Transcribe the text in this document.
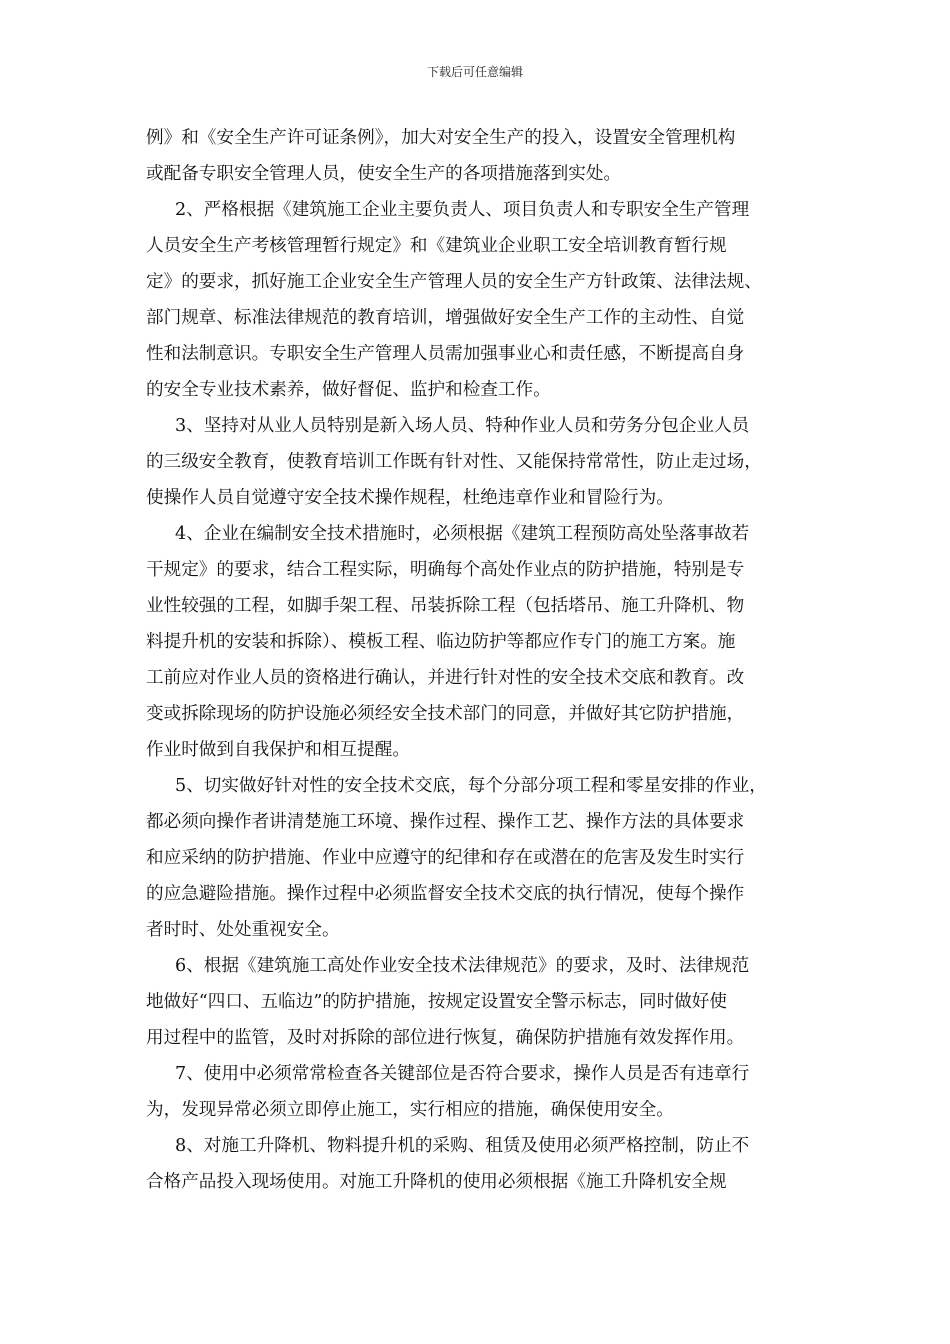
下载后可任意编辑
例》和《安全生产许可证条例》，加大对安全生产的投入，设置安全管理机构
或配备专职安全管理人员，使安全生产的各项措施落到实处。
2、严格根据《建筑施工企业主要负责人、项目负责人和专职安全生产管理
人员安全生产考核管理暂行规定》和《建筑业企业职工安全培训教育暂行规
定》的要求，抓好施工企业安全生产管理人员的安全生产方针政策、法律法规、
部门规章、标准法律规范的教育培训，增强做好安全生产工作的主动性、自觉
性和法制意识。专职安全生产管理人员需加强事业心和责任感，不断提高自身
的安全专业技术素养，做好督促、监护和检查工作。
3、坚持对从业人员特别是新入场人员、特种作业人员和劳务分包企业人员
的三级安全教育，使教育培训工作既有针对性、又能保持常常性，防止走过场，
使操作人员自觉遵守安全技术操作规程，杜绝违章作业和冒险行为。
4、企业在编制安全技术措施时，必须根据《建筑工程预防高处坠落事故若
干规定》的要求，结合工程实际，明确每个高处作业点的防护措施，特别是专
业性较强的工程，如脚手架工程、吊装拆除工程（包括塔吊、施工升降机、物
料提升机的安装和拆除）、模板工程、临边防护等都应作专门的施工方案。施
工前应对作业人员的资格进行确认，并进行针对性的安全技术交底和教育。改
变或拆除现场的防护设施必须经安全技术部门的同意，并做好其它防护措施，
作业时做到自我保护和相互提醒。
5、切实做好针对性的安全技术交底，每个分部分项工程和零星安排的作业，
都必须向操作者讲清楚施工环境、操作过程、操作工艺、操作方法的具体要求
和应采纳的防护措施、作业中应遵守的纪律和存在或潜在的危害及发生时实行
的应急避险措施。操作过程中必须监督安全技术交底的执行情况，使每个操作
者时时、处处重视安全。
6、根据《建筑施工高处作业安全技术法律规范》的要求，及时、法律规范
地做好“四口、五临边”的防护措施，按规定设置安全警示标志，同时做好使
用过程中的监管，及时对拆除的部位进行恢复，确保防护措施有效发挥作用。
7、使用中必须常常检查各关键部位是否符合要求，操作人员是否有违章行
为，发现异常必须立即停止施工，实行相应的措施，确保使用安全。
8、对施工升降机、物料提升机的采购、租赁及使用必须严格控制，防止不
合格产品投入现场使用。对施工升降机的使用必须根据《施工升降机安全规
